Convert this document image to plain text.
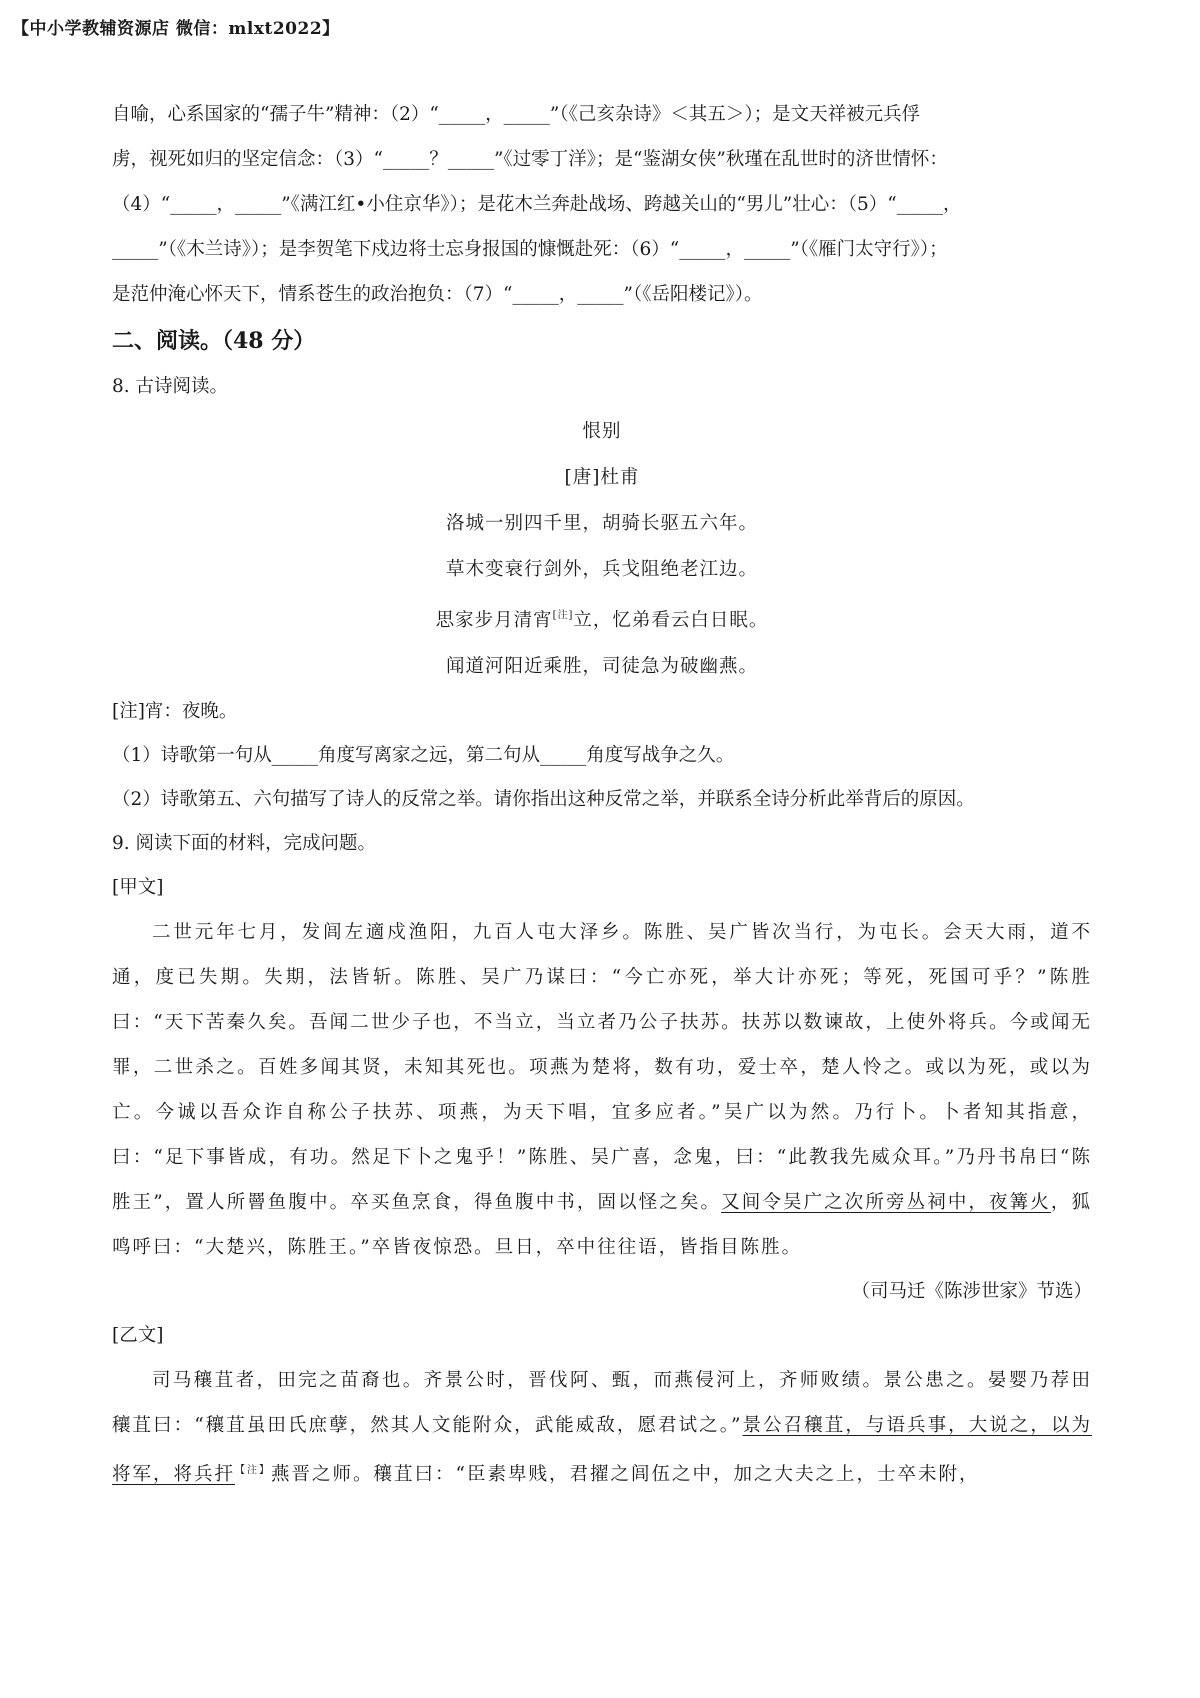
【中小学教辅资源店 微信：mlxt2022】

自喻，心系国家的“孺子牛”精神：（2）“_____，_____”（《己亥杂诗》＜其五＞）；是文天祥被元兵俘

虏，视死如归的坚定信念：（3）“_____？_____”《过零丁洋》；是“鉴湖女侠”秋瑾在乱世时的济世情怀：

（4）“_____，_____”《满江红•小住京华》）；是花木兰奔赴战场、跨越关山的“男儿”壮心：（5）“_____，

_____”（《木兰诗》）；是李贺笔下戍边将士忘身报国的慷慨赴死：（6）“_____，_____”（《雁门太守行》）；

是范仲淹心怀天下，情系苍生的政治抱负：（7）“_____，_____”（《岳阳楼记》）。

二、阅读。（48 分）

8. 古诗阅读。

恨别
[唐]杜甫
洛城一别四千里，胡骑长驱五六年。
草木变衰行剑外，兵戈阻绝老江边。
思家步月清宵[注]立，忆弟看云白日眠。
闻道河阳近乘胜，司徒急为破幽燕。

[注]宵：夜晚。

（1）诗歌第一句从_____角度写离家之远，第二句从_____角度写战争之久。

（2）诗歌第五、六句描写了诗人的反常之举。请你指出这种反常之举，并联系全诗分析此举背后的原因。

9. 阅读下面的材料，完成问题。

[甲文]

二世元年七月，发闾左適戍渔阳，九百人屯大泽乡。陈胜、吴广皆次当行，为屯长。会天大雨，道不通，度已失期。失期，法皆斩。陈胜、吴广乃谋曰：“今亡亦死，举大计亦死；等死，死国可乎？”陈胜曰：“天下苦秦久矣。吾闻二世少子也，不当立，当立者乃公子扶苏。扶苏以数谏故，上使外将兵。今或闻无罪，二世杀之。百姓多闻其贤，未知其死也。项燕为楚将，数有功，爱士卒，楚人怜之。或以为死，或以为亡。今诚以吾众诈自称公子扶苏、项燕，为天下唱，宜多应者。”吴广以为然。乃行卜。卜者知其指意，曰：“足下事皆成，有功。然足下卜之鬼乎！”陈胜、吴广喜，念鬼，曰：“此教我先威众耳。”乃丹书帛曰“陈胜王”，置人所罾鱼腹中。卒买鱼烹食，得鱼腹中书，固以怪之矣。又间令吴广之次所旁丛祠中，夜篝火，狐鸣呼曰：“大楚兴，陈胜王。”卒皆夜惊恐。旦日，卒中往往语，皆指目陈胜。

（司马迁《陈涉世家》节选）

[乙文]

司马穰苴者，田完之苗裔也。齐景公时，晋伐阿、甄，而燕侵河上，齐师败绩。景公患之。晏婴乃荐田穰苴曰：“穰苴虽田氏庶孽，然其人文能附众，武能威敌，愿君试之。”景公召穰苴，与语兵事，大说之，以为将军，将兵扞$^{【注】}$燕晋之师。穰苴曰：“臣素卑贱，君擢之闾伍之中，加之大夫之上，士卒未附，
